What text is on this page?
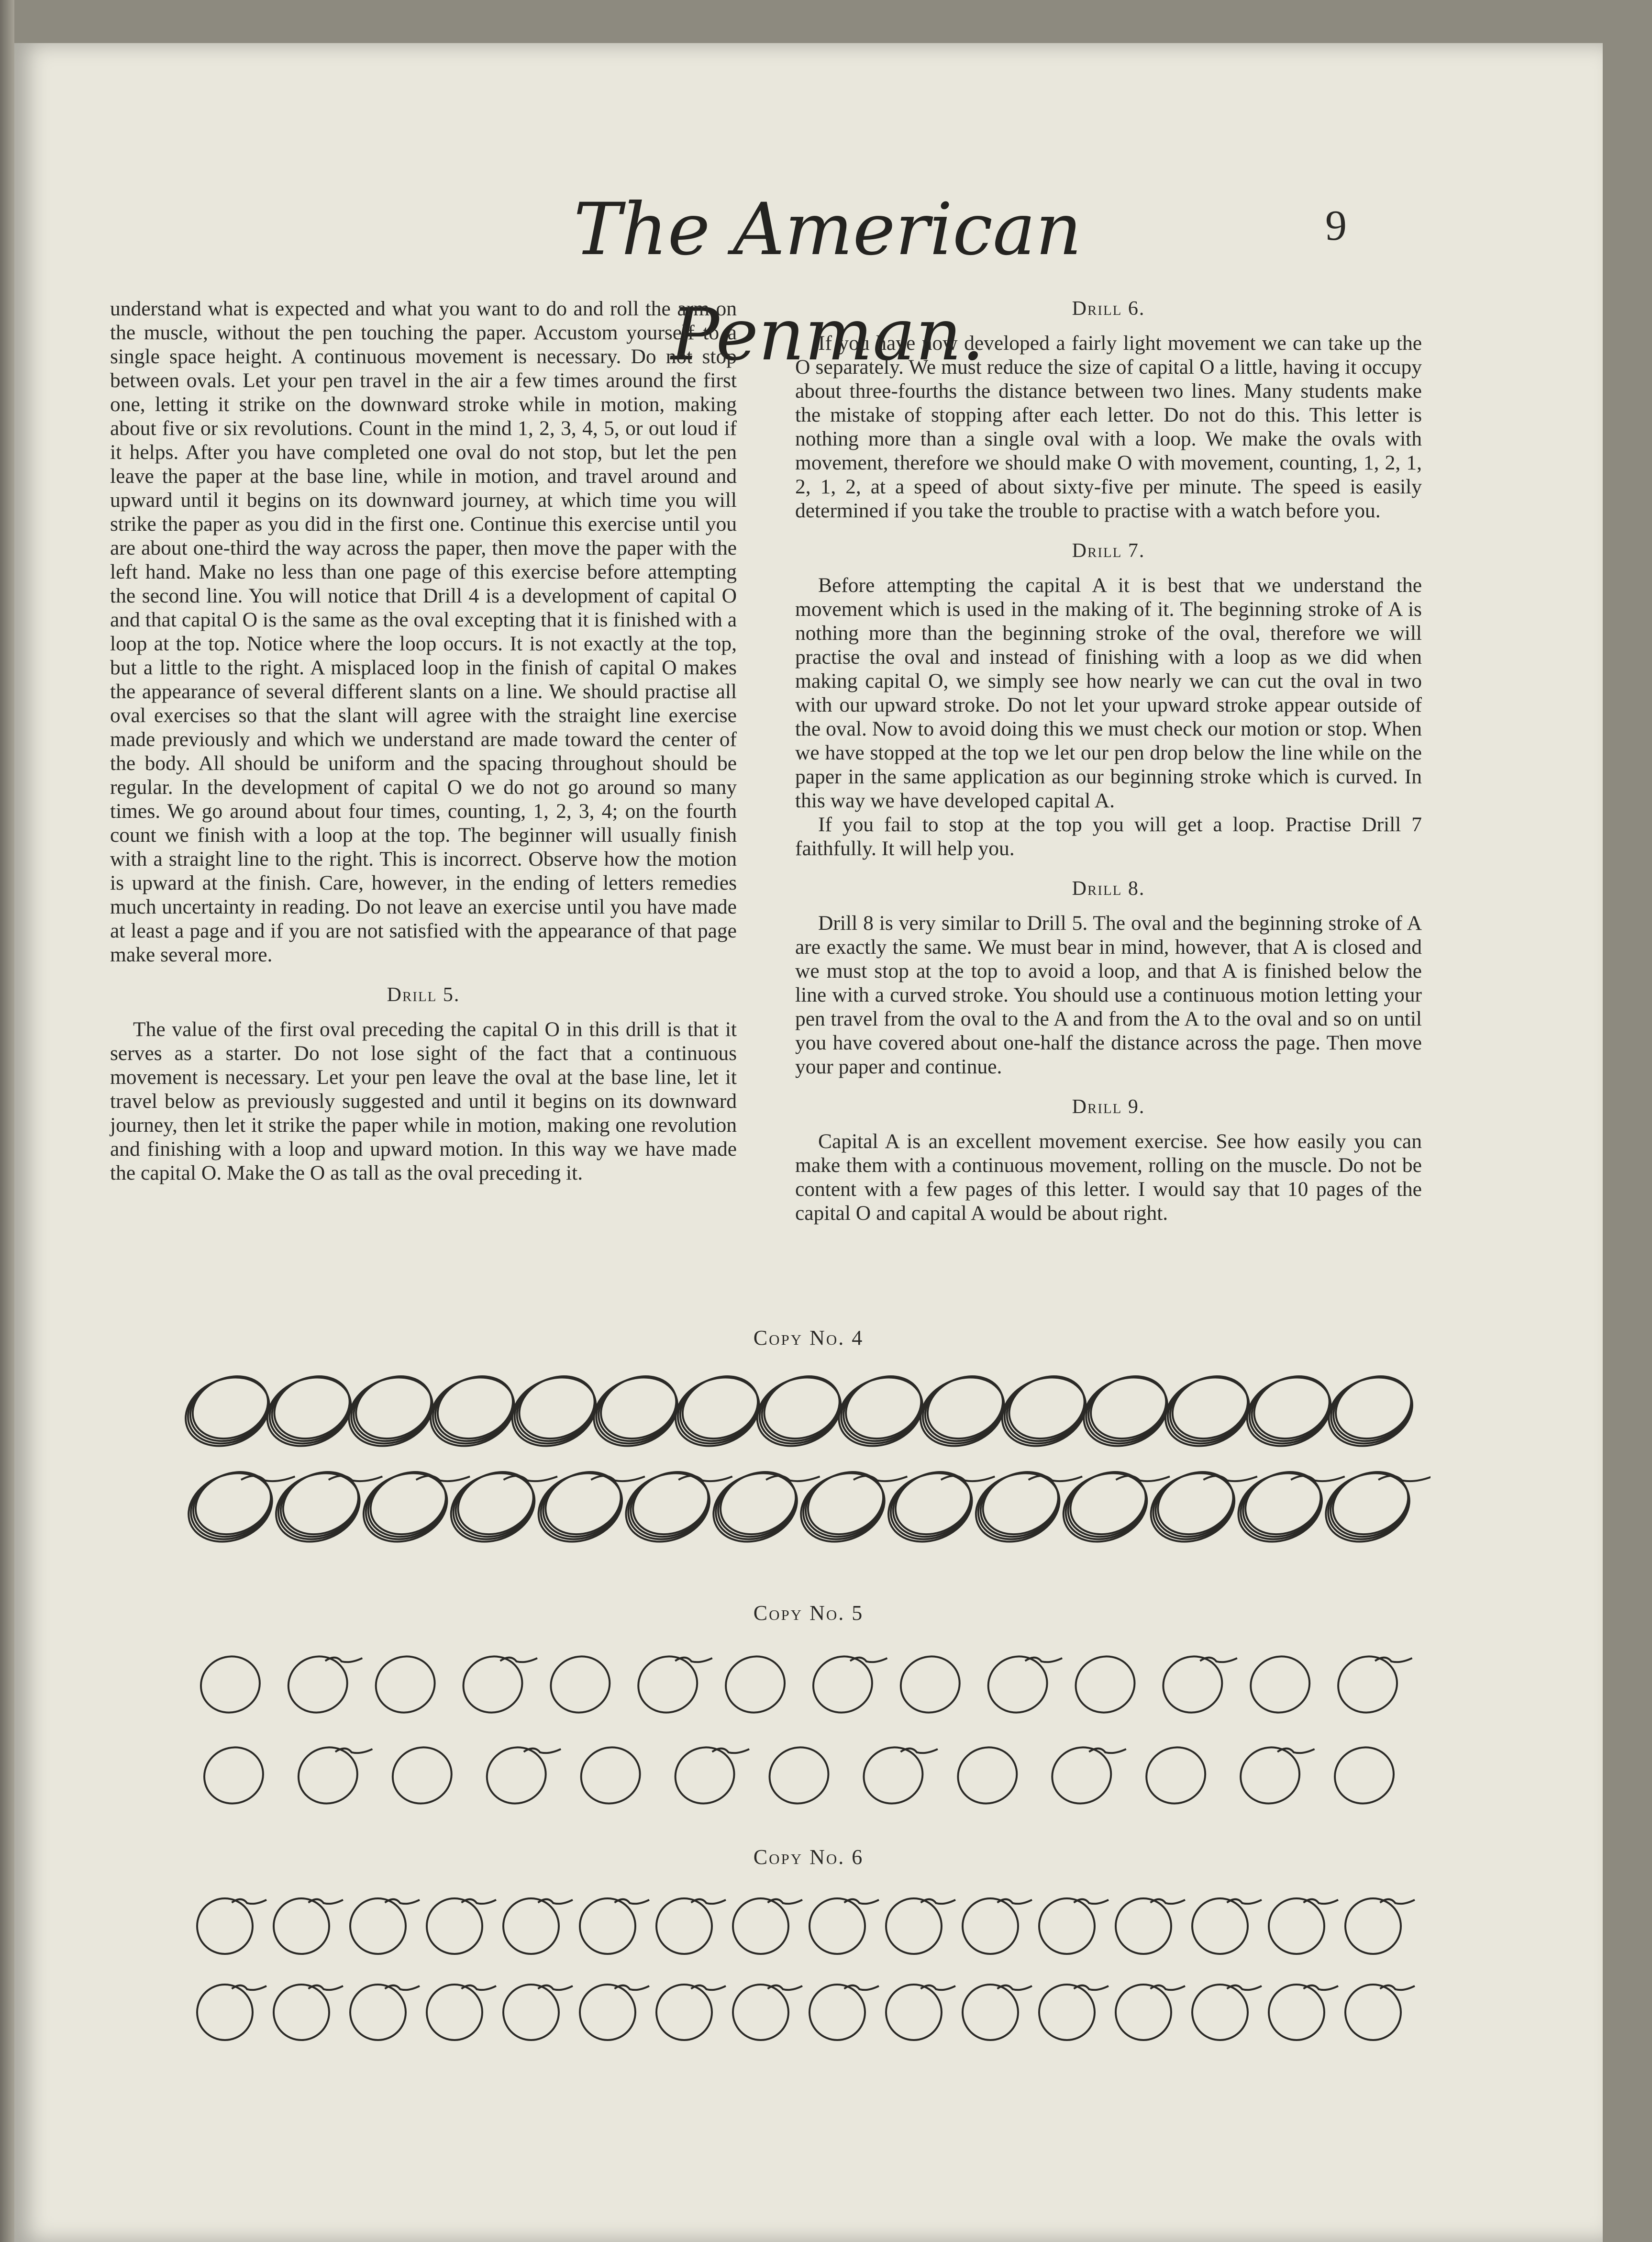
The American Penman.
9

understand what is expected and what you want to do and roll the arm on the muscle, without the pen touching the paper. Accustom yourself to a single space height. A continuous movement is necessary. Do not stop between ovals. Let your pen travel in the air a few times around the first one, letting it strike on the downward stroke while in motion, making about five or six revolutions. Count in the mind 1, 2, 3, 4, 5, or out loud if it helps. After you have completed one oval do not stop, but let the pen leave the paper at the base line, while in motion, and travel around and upward until it begins on its downward journey, at which time you will strike the paper as you did in the first one. Continue this exercise until you are about one-third the way across the paper, then move the paper with the left hand. Make no less than one page of this exercise before attempting the second line. You will notice that Drill 4 is a development of capital O and that capital O is the same as the oval excepting that it is finished with a loop at the top. Notice where the loop occurs. It is not exactly at the top, but a little to the right. A misplaced loop in the finish of capital O makes the appearance of several different slants on a line. We should practise all oval exercises so that the slant will agree with the straight line exercise made previously and which we understand are made toward the center of the body. All should be uniform and the spacing throughout should be regular. In the development of capital O we do not go around so many times. We go around about four times, counting, 1, 2, 3, 4; on the fourth count we finish with a loop at the top. The beginner will usually finish with a straight line to the right. This is incorrect. Observe how the motion is upward at the finish. Care, however, in the ending of letters remedies much uncertainty in reading. Do not leave an exercise until you have made at least a page and if you are not satisfied with the appearance of that page make several more.

Drill 5.

The value of the first oval preceding the capital O in this drill is that it serves as a starter. Do not lose sight of the fact that a continuous movement is necessary. Let your pen leave the oval at the base line, let it travel below as previously suggested and until it begins on its downward journey, then let it strike the paper while in motion, making one revolution and finishing with a loop and upward motion. In this way we have made the capital O. Make the O as tall as the oval preceding it.

Drill 6.

If you have now developed a fairly light movement we can take up the O separately. We must reduce the size of capital O a little, having it occupy about three-fourths the distance between two lines. Many students make the mistake of stopping after each letter. Do not do this. This letter is nothing more than a single oval with a loop. We make the ovals with movement, therefore we should make O with movement, counting, 1, 2, 1, 2, 1, 2, at a speed of about sixty-five per minute. The speed is easily determined if you take the trouble to practise with a watch before you.

Drill 7.

Before attempting the capital A it is best that we understand the movement which is used in the making of it. The beginning stroke of A is nothing more than the beginning stroke of the oval, therefore we will practise the oval and instead of finishing with a loop as we did when making capital O, we simply see how nearly we can cut the oval in two with our upward stroke. Do not let your upward stroke appear outside of the oval. Now to avoid doing this we must check our motion or stop. When we have stopped at the top we let our pen drop below the line while on the paper in the same application as our beginning stroke which is curved. In this way we have developed capital A.

If you fail to stop at the top you will get a loop. Practise Drill 7 faithfully. It will help you.

Drill 8.

Drill 8 is very similar to Drill 5. The oval and the beginning stroke of A are exactly the same. We must bear in mind, however, that A is closed and we must stop at the top to avoid a loop, and that A is finished below the line with a curved stroke. You should use a continuous motion letting your pen travel from the oval to the A and from the A to the oval and so on until you have covered about one-half the distance across the page. Then move your paper and continue.

Drill 9.

Capital A is an excellent movement exercise. See how easily you can make them with a continuous movement, rolling on the muscle. Do not be content with a few pages of this letter. I would say that 10 pages of the capital O and capital A would be about right.

Copy No. 4
Copy No. 5
Copy No. 6
